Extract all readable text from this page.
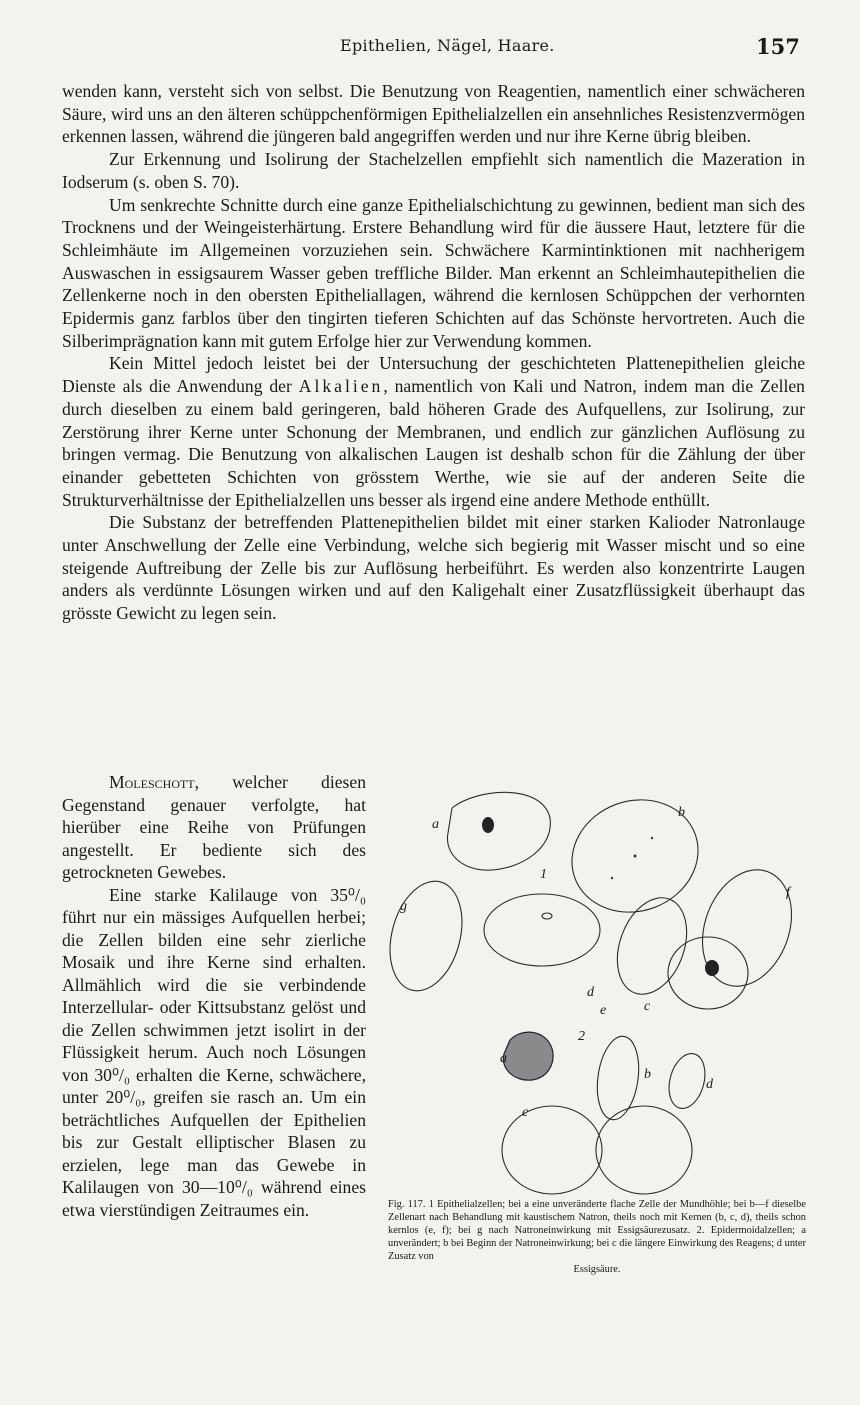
Epithelien, Nägel, Haare.	157

wenden kann, versteht sich von selbst. Die Benutzung von Reagentien, namentlich einer schwächeren Säure, wird uns an den älteren schüppchenförmigen Epithelialzellen ein ansehnliches Resistenzvermögen erkennen lassen, während die jüngeren bald angegriffen werden und nur ihre Kerne übrig bleiben.

Zur Erkennung und Isolirung der Stachelzellen empfiehlt sich namentlich die Mazeration in Iodserum (s. oben S. 70).

Um senkrechte Schnitte durch eine ganze Epithelialschichtung zu gewinnen, bedient man sich des Trocknens und der Weingeisterhärtung. Erstere Behandlung wird für die äussere Haut, letztere für die Schleimhäute im Allgemeinen vorzuziehen sein. Schwächere Karmintinktionen mit nachherigem Auswaschen in essigsaurem Wasser geben treffliche Bilder. Man erkennt an Schleimhautepithelien die Zellenkerne noch in den obersten Epitheliallagen, während die kernlosen Schüppchen der verhornten Epidermis ganz farblos über den tingirten tieferen Schichten auf das Schönste hervortreten. Auch die Silberimprägnation kann mit gutem Erfolge hier zur Verwendung kommen.

Kein Mittel jedoch leistet bei der Untersuchung der geschichteten Plattenepithelien gleiche Dienste als die Anwendung der Alkalien, namentlich von Kali und Natron, indem man die Zellen durch dieselben zu einem bald geringeren, bald höheren Grade des Aufquellens, zur Isolirung, zur Zerstörung ihrer Kerne unter Schonung der Membranen, und endlich zur gänzlichen Auflösung zu bringen vermag. Die Benutzung von alkalischen Laugen ist deshalb schon für die Zählung der über einander gebetteten Schichten von grösstem Werthe, wie sie auf der anderen Seite die Strukturverhältnisse der Epithelialzellen uns besser als irgend eine andere Methode enthüllt.

Die Substanz der betreffenden Plattenepithelien bildet mit einer starken Kalioder Natronlauge unter Anschwellung der Zelle eine Verbindung, welche sich begierig mit Wasser mischt und so eine steigende Auftreibung der Zelle bis zur Auflösung herbeiführt. Es werden also konzentrirte Laugen anders als verdünnte Lösungen wirken und auf den Kaligehalt einer Zusatzflüssigkeit überhaupt das grösste Gewicht zu legen sein.

Moleschott, welcher diesen Gegenstand genauer verfolgte, hat hierüber eine Reihe von Prüfungen angestellt. Er bediente sich des getrockneten Gewebes.

Eine starke Kalilauge von 35⁰/₀ führt nur ein mässiges Aufquellen herbei; die Zellen bilden eine sehr zierliche Mosaik und ihre Kerne sind erhalten. Allmählich wird die sie verbindende Interzellular- oder Kittsubstanz gelöst und die Zellen schwimmen jetzt isolirt in der Flüssigkeit herum. Auch noch Lösungen von 30⁰/₀ erhalten die Kerne, schwächere, unter 20⁰/₀, greifen sie rasch an. Um ein beträchtliches Aufquellen der Epithelien bis zur Gestalt elliptischer Blasen zu erzielen, lege man das Gewebe in Kalilaugen von 30—10⁰/₀ während eines etwa vierstündigen Zeitraumes ein.

a
b
g
1
f
d
e	c
2
a
b
d
c
Fig. 117. 1 Epithelialzellen; bei a eine unveränderte flache Zelle der Mundhöhle; bei b—f dieselbe Zellenart nach Behandlung mit kaustischem Natron, theils noch mit Kernen (b, c, d), theils schon kernlos (e, f); bei g nach Natroneinwirkung mit Essigsäurezusatz. 2. Epidermoidalzellen; a unverändert; b bei Beginn der Natroneinwirkung; bei c die längere Einwirkung des Reagens; d unter Zusatz von
Essigsäure.
